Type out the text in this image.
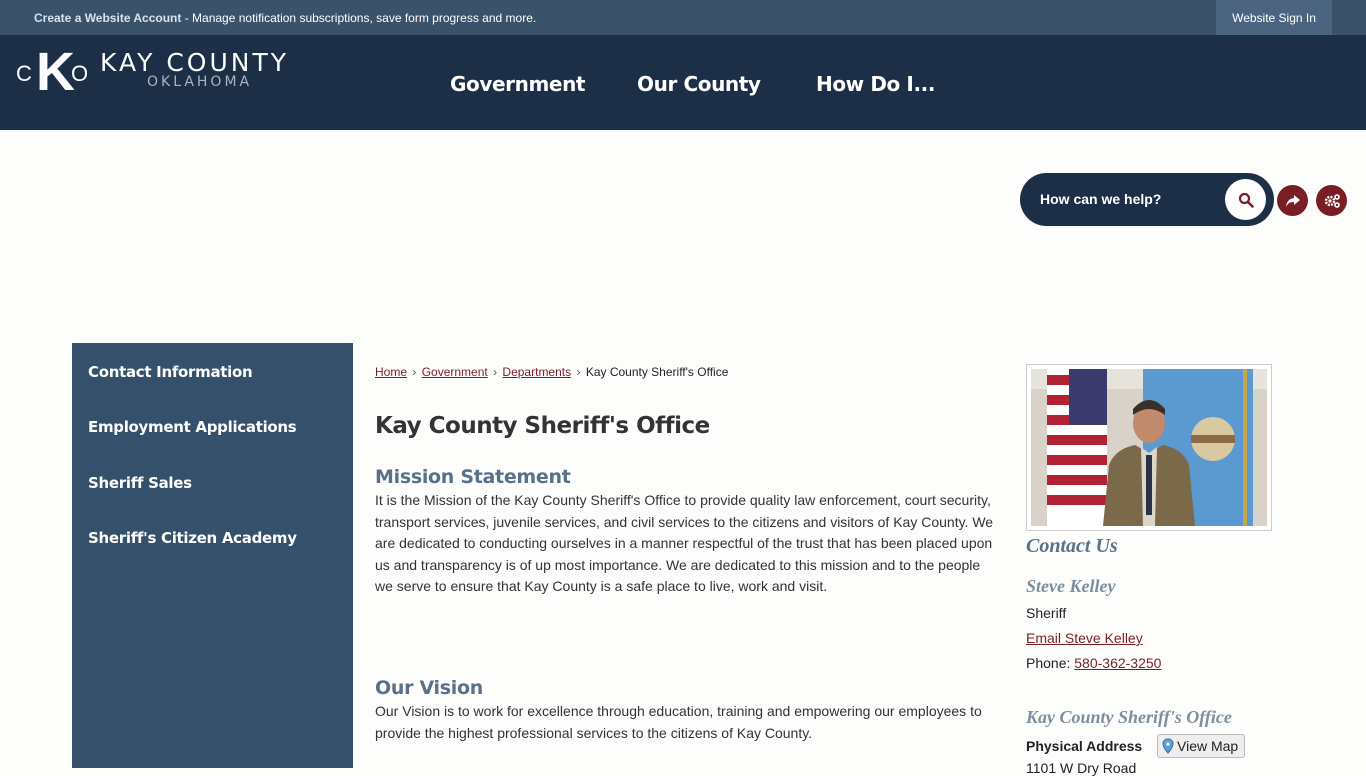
Create a Website Account - Manage notification subscriptions, save form progress and more.	Website Sign In
C K
O KAY COUNTY
OKLAHOMA	Government	Our County	How Do I...
How can we help?
Contact Information
Employment Applications
Sheriff Sales
Sheriff's Citizen Academy
Home › Government › Departments › Kay County Sheriff's Office
Kay County Sheriff's Office
Mission Statement

It is the Mission of the Kay County Sheriff's Office to provide quality law enforcement, court security, transport services, juvenile services, and civil services to the citizens and visitors of Kay County. We are dedicated to conducting ourselves in a manner respectful of the trust that has been placed upon us and transparency is of up most importance. We are dedicated to this mission and to the people we serve to ensure that Kay County is a safe place to live, work and visit.

Our Vision

Our Vision is to work for excellence through education, training and empowering our employees to provide the highest professional services to the citizens of Kay County.

Contact Us
Steve Kelley
Sheriff
Email Steve Kelley
Phone: 580-362-3250
Kay County Sheriff's Office
Physical Address View Map
1101 W Dry Road
